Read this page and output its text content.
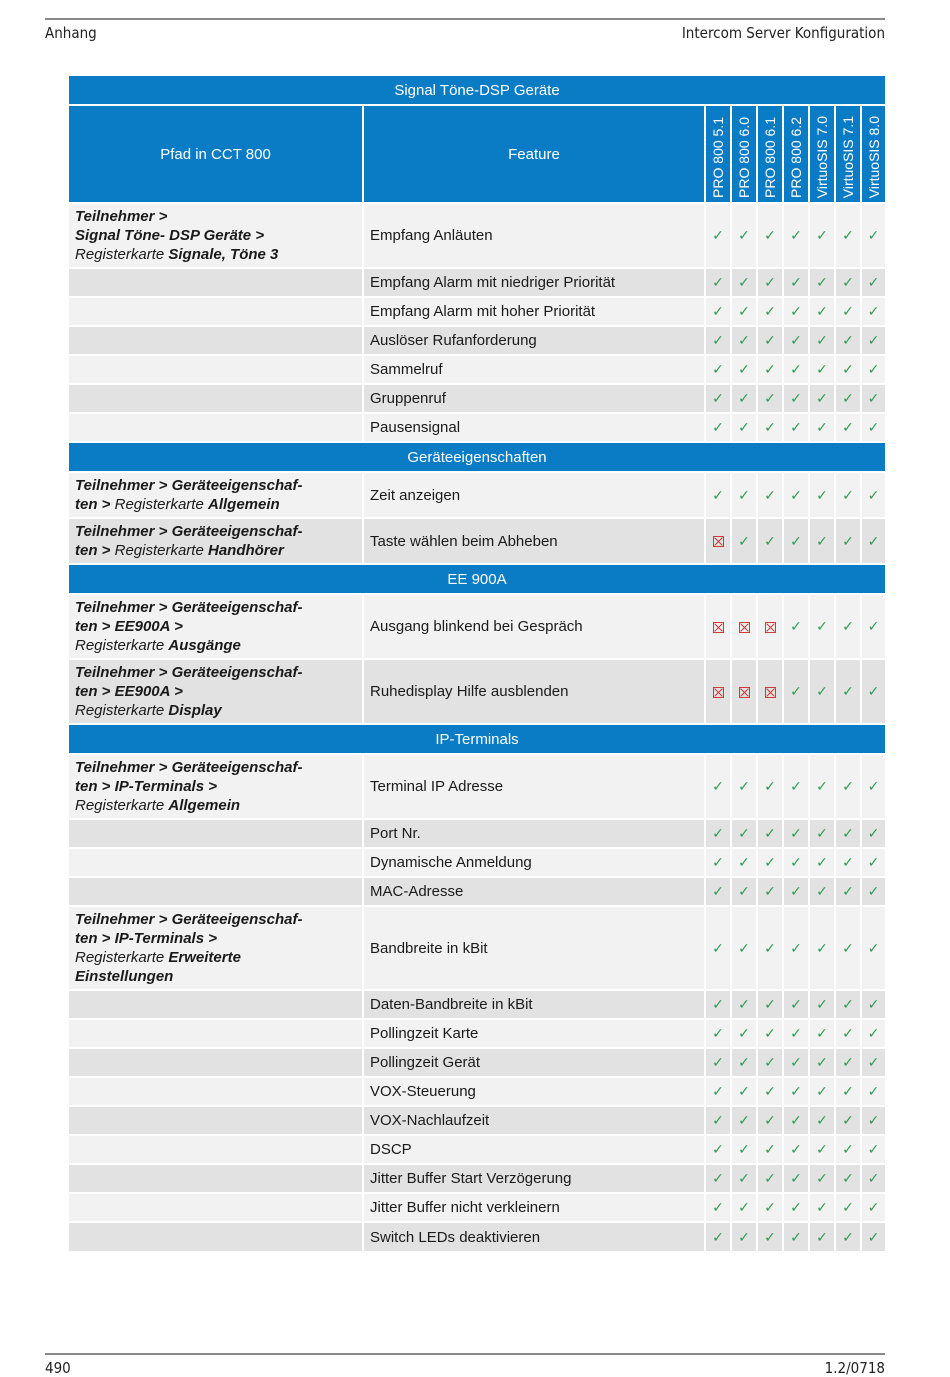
Anhang	Intercom Server Konfiguration
Signal Töne-DSP Geräte								
Pfad in CCT 800	Feature	PRO 800 5.1	PRO 800 6.0	PRO 800 6.1	PRO 800 6.2	VirtuoSIS 7.0	VirtuoSIS 7.1	VirtuoSIS 8.0

Teilnehmer >
Signal Töne- DSP Geräte >
Registerkarte Signale, Töne 3	Empfang Anläuten	✓	✓	✓	✓	✓	✓	✓
	Empfang Alarm mit niedriger Priorität	✓	✓	✓	✓	✓	✓	✓
	Empfang Alarm mit hoher Priorität	✓	✓	✓	✓	✓	✓	✓
	Auslöser Rufanforderung	✓	✓	✓	✓	✓	✓	✓
	Sammelruf	✓	✓	✓	✓	✓	✓	✓
	Gruppenruf	✓	✓	✓	✓	✓	✓	✓
	Pausensignal	✓	✓	✓	✓	✓	✓	✓
Geräteeigenschaften								

Teilnehmer > Geräteeigenschaf-
ten > Registerkarte Allgemein	Zeit anzeigen	✓	✓	✓	✓	✓	✓	✓

Teilnehmer > Geräteeigenschaf-
ten > Registerkarte Handhörer	Taste wählen beim Abheben		✓	✓	✓	✓	✓	✓
EE 900A								

Teilnehmer > Geräteeigenschaf-
ten > EE900A >
Registerkarte Ausgänge	Ausgang blinkend bei Gespräch				✓	✓	✓	✓

Teilnehmer > Geräteeigenschaf-
ten > EE900A >
Registerkarte Display	Ruhedisplay Hilfe ausblenden				✓	✓	✓	✓
IP-Terminals								

Teilnehmer > Geräteeigenschaf-
ten > IP-Terminals >
Registerkarte Allgemein	Terminal IP Adresse	✓	✓	✓	✓	✓	✓	✓
	Port Nr.	✓	✓	✓	✓	✓	✓	✓
	Dynamische Anmeldung	✓	✓	✓	✓	✓	✓	✓
	MAC-Adresse	✓	✓	✓	✓	✓	✓	✓

Teilnehmer > Geräteeigenschaf-
ten > IP-Terminals >
Registerkarte Erweiterte
Einstellungen	Bandbreite in kBit	✓	✓	✓	✓	✓	✓	✓
	Daten-Bandbreite in kBit	✓	✓	✓	✓	✓	✓	✓
	Pollingzeit Karte	✓	✓	✓	✓	✓	✓	✓
	Pollingzeit Gerät	✓	✓	✓	✓	✓	✓	✓
	VOX-Steuerung	✓	✓	✓	✓	✓	✓	✓
	VOX-Nachlaufzeit	✓	✓	✓	✓	✓	✓	✓
	DSCP	✓	✓	✓	✓	✓	✓	✓
	Jitter Buffer Start Verzögerung	✓	✓	✓	✓	✓	✓	✓
	Jitter Buffer nicht verkleinern	✓	✓	✓	✓	✓	✓	✓
	Switch LEDs deaktivieren	✓	✓	✓	✓	✓	✓	✓
490	1.2/0718
